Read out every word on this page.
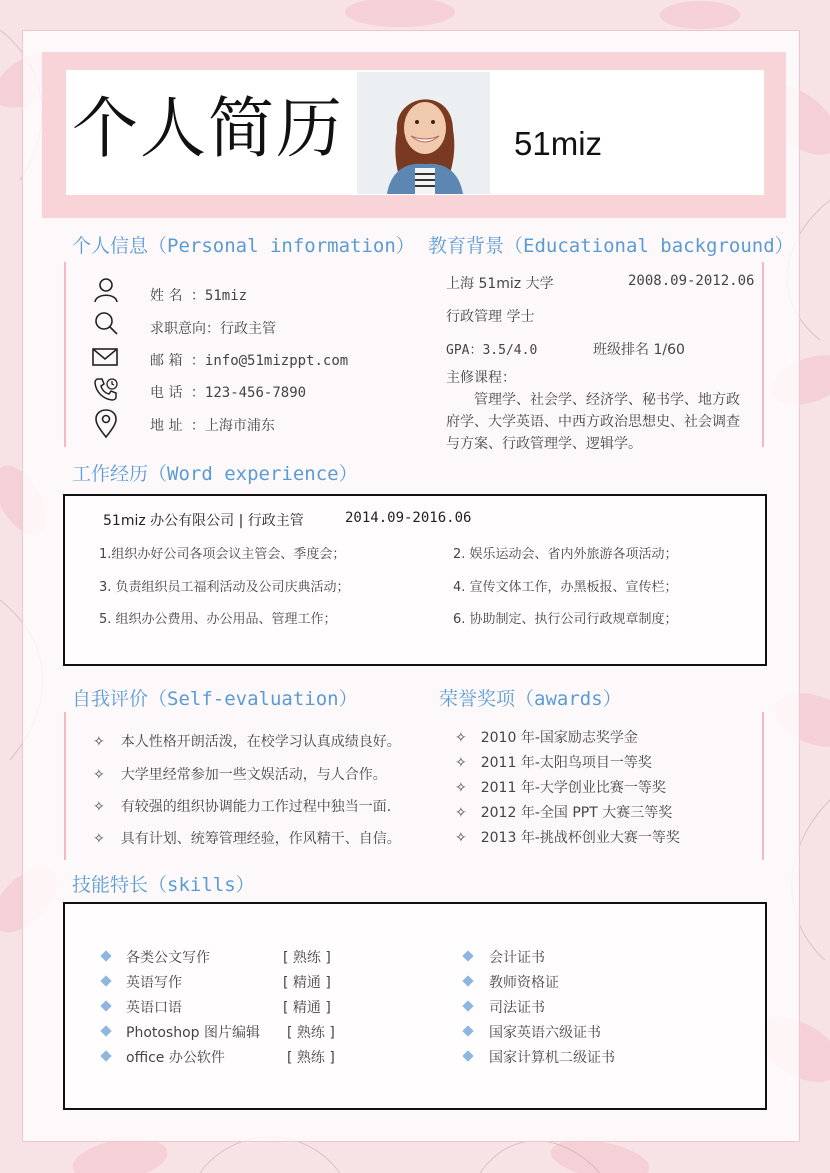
个人简历	51miz
个人信息（Personal information）
姓 名 ：51miz
求职意向：行政主管
邮 箱 ：info@51mizppt.com
电 话 ：123-456-7890
地 址 ：上海市浦东
教育背景（Educational background）
上海 51miz 大学	2008.09-2012.06
行政管理 学士
GPA：3.5/4.0	班级排名 1/60
主修课程：
管理学、社会学、经济学、秘书学、地方政
府学、大学英语、中西方政治思想史、社会调查
与方案、行政管理学、逻辑学。
工作经历（Word experience）
51miz 办公有限公司 | 行政主管	2014.09-2016.06
1.组织办好公司各项会议主管会、季度会；	2. 娱乐运动会、省内外旅游各项活动；
3. 负责组织员工福利活动及公司庆典活动；	4. 宣传文体工作，办黑板报、宣传栏；
5. 组织办公费用、办公用品、管理工作；	6. 协助制定、执行公司行政规章制度；
自我评价（Self-evaluation）
✧ 本人性格开朗活泼，在校学习认真成绩良好。
✧ 大学里经常参加一些文娱活动，与人合作。
✧ 有较强的组织协调能力工作过程中独当一面.
✧ 具有计划、统筹管理经验，作风精干、自信。
荣誉奖项（awards）
✧ 2010 年-国家励志奖学金
✧ 2011 年-太阳鸟项目一等奖
✧ 2011 年-大学创业比赛一等奖
✧ 2012 年-全国 PPT 大赛三等奖
✧ 2013 年-挑战杯创业大赛一等奖
技能特长（skills）
各类公文写作	[ 熟练 ]
英语写作	[ 精通 ]
英语口语	[ 精通 ]
Photoshop 图片编辑 [ 熟练 ]
office 办公软件	[ 熟练 ]
会计证书
教师资格证
司法证书
国家英语六级证书
国家计算机二级证书
